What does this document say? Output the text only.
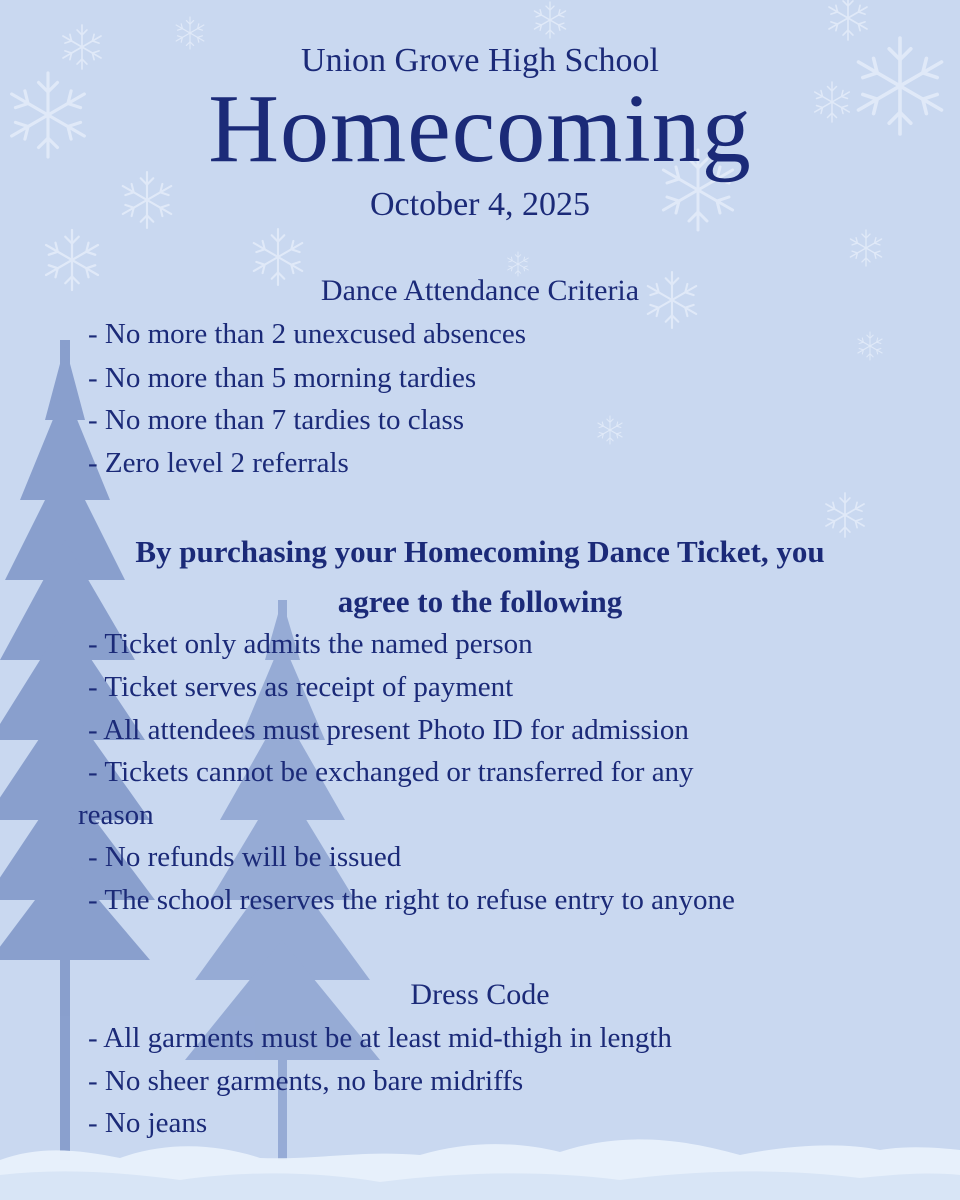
Union Grove High School
Homecoming
October 4, 2025
Dance Attendance Criteria
- No more than 2 unexcused absences
- No more than 5 morning tardies
- No more than 7 tardies to class
- Zero level 2 referrals
By purchasing your Homecoming Dance Ticket, you
agree to the following
- Ticket only admits the named person
- Ticket serves as receipt of payment
- All attendees must present Photo ID for admission
- Tickets cannot be exchanged or transferred for any
reason
- No refunds will be issued
- The school reserves the right to refuse entry to anyone
Dress Code
- All garments must be at least mid-thigh in length
- No sheer garments, no bare midriffs
- No jeans
